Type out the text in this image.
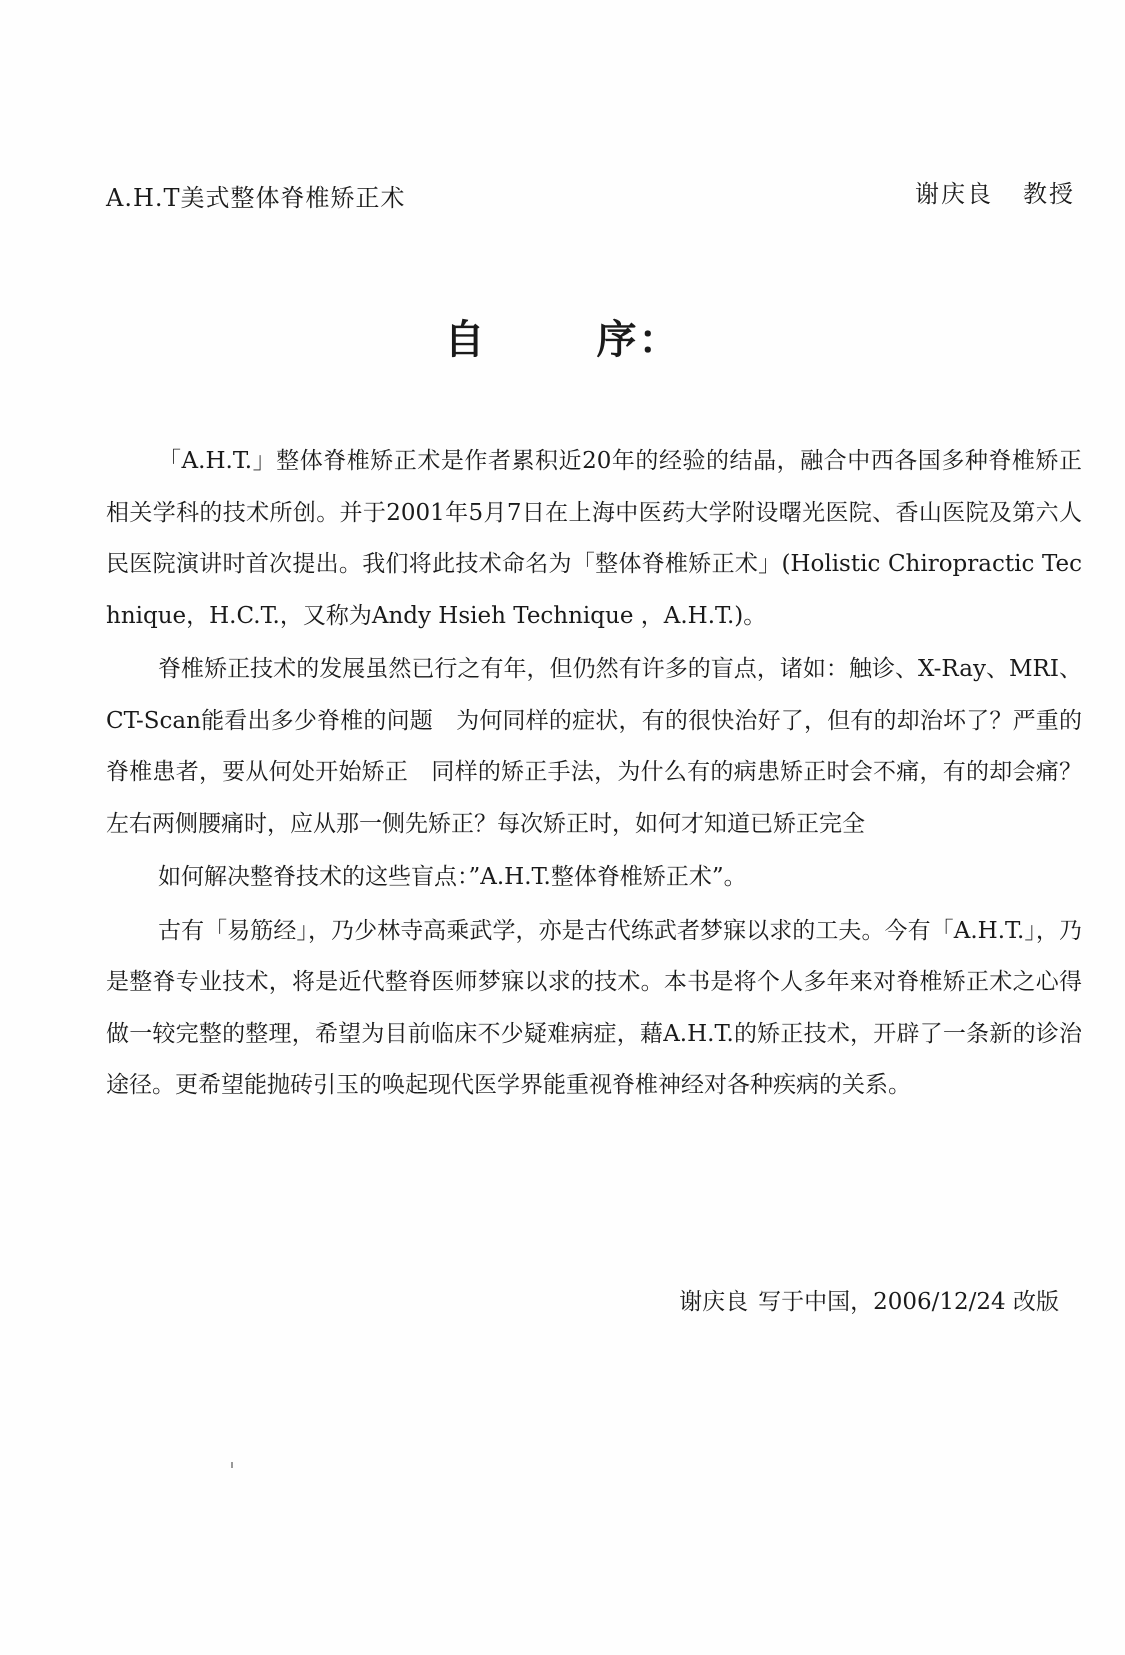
A.H.T美式整体脊椎矫正术	谢庆良 教授
自	序：

「A.H.T.」整体脊椎矫正术是作者累积近20年的经验的结晶，融合中西各国多种脊椎矫正相关学科的技术所创。并于2001年5月7日在上海中医药大学附设曙光医院、香山医院及第六人民医院演讲时首次提出。我们将此技术命名为「整体脊椎矫正术」(Holistic Chiropractic Technique，H.C.T.，又称为Andy Hsieh Technique ，A.H.T.)。

脊椎矫正技术的发展虽然已行之有年，但仍然有许多的盲点，诸如：触诊、X-Ray、MRI、CT-Scan能看出多少脊椎的问题　为何同样的症状，有的很快治好了，但有的却治坏了？严重的脊椎患者，要从何处开始矫正　同样的矫正手法，为什么有的病患矫正时会不痛，有的却会痛？左右两侧腰痛时，应从那一侧先矫正？每次矫正时，如何才知道已矫正完全

如何解决整脊技术的这些盲点：”A.H.T.整体脊椎矫正术”。

古有「易筋经」，乃少林寺高乘武学，亦是古代练武者梦寐以求的工夫。今有「A.H.T.」，乃是整脊专业技术，将是近代整脊医师梦寐以求的技术。本书是将个人多年来对脊椎矫正术之心得做一较完整的整理，希望为目前临床不少疑难病症，藉A.H.T.的矫正技术，开辟了一条新的诊治途径。更希望能抛砖引玉的唤起现代医学界能重视脊椎神经对各种疾病的关系。

谢庆良 写于中国，2006/12/24 改版
